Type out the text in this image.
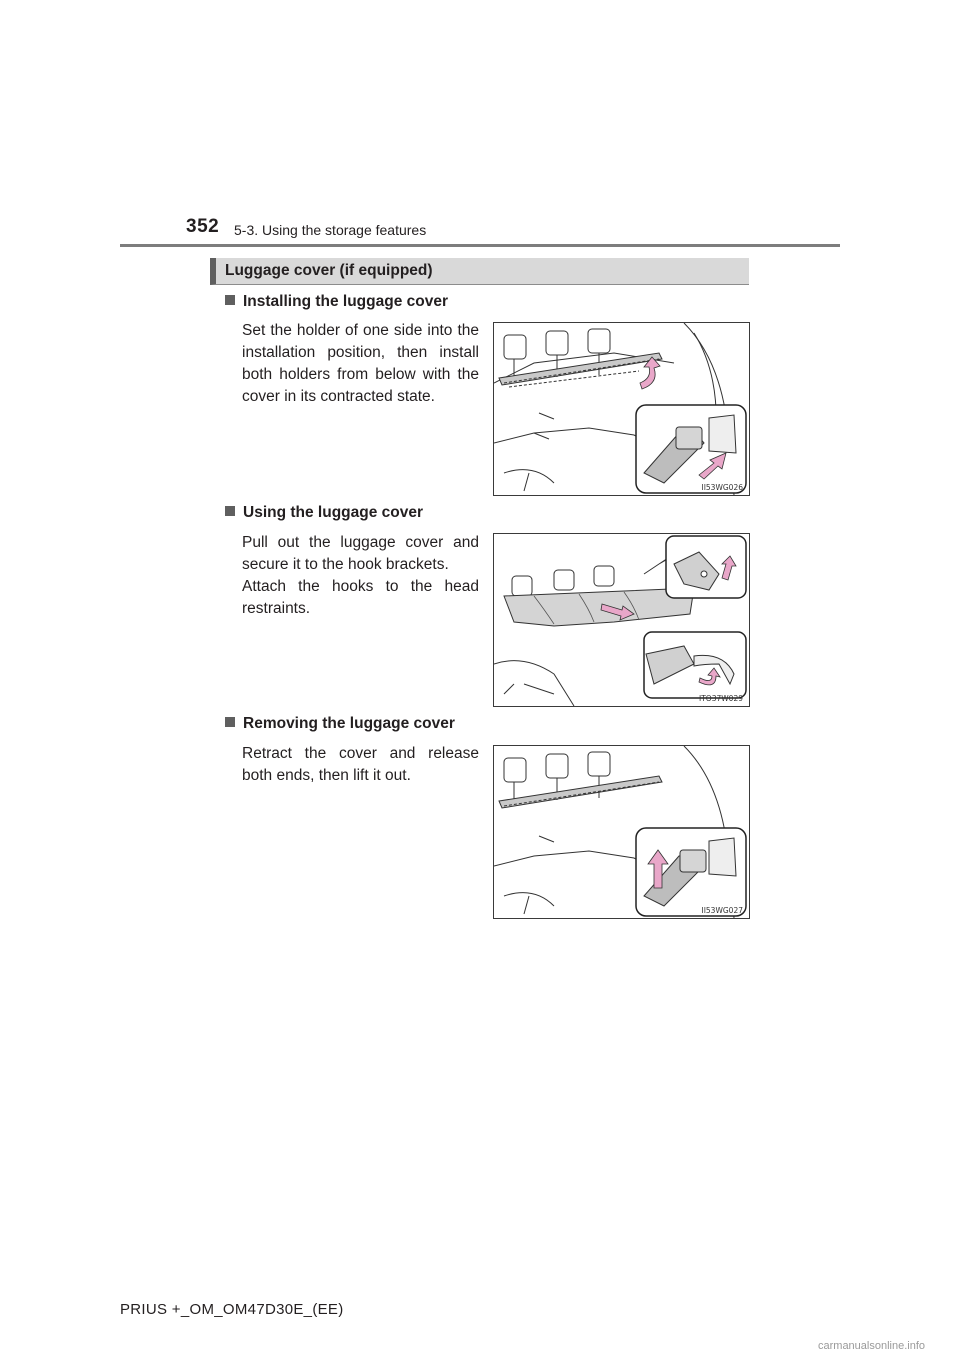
352 5-3. Using the storage features
Luggage cover (if equipped)
Installing the luggage cover
Set the holder of one side into the installation position, then install both holders from below with the cover in its contracted state.
II53WG026
Using the luggage cover
Pull out the luggage cover and secure it to the hook brackets.
Attach the hooks to the head restraints.
ITO37W029
Removing the luggage cover
Retract the cover and release both ends, then lift it out.
II53WG027
PRIUS +_OM_OM47D30E_(EE)
carmanualsonline.info
